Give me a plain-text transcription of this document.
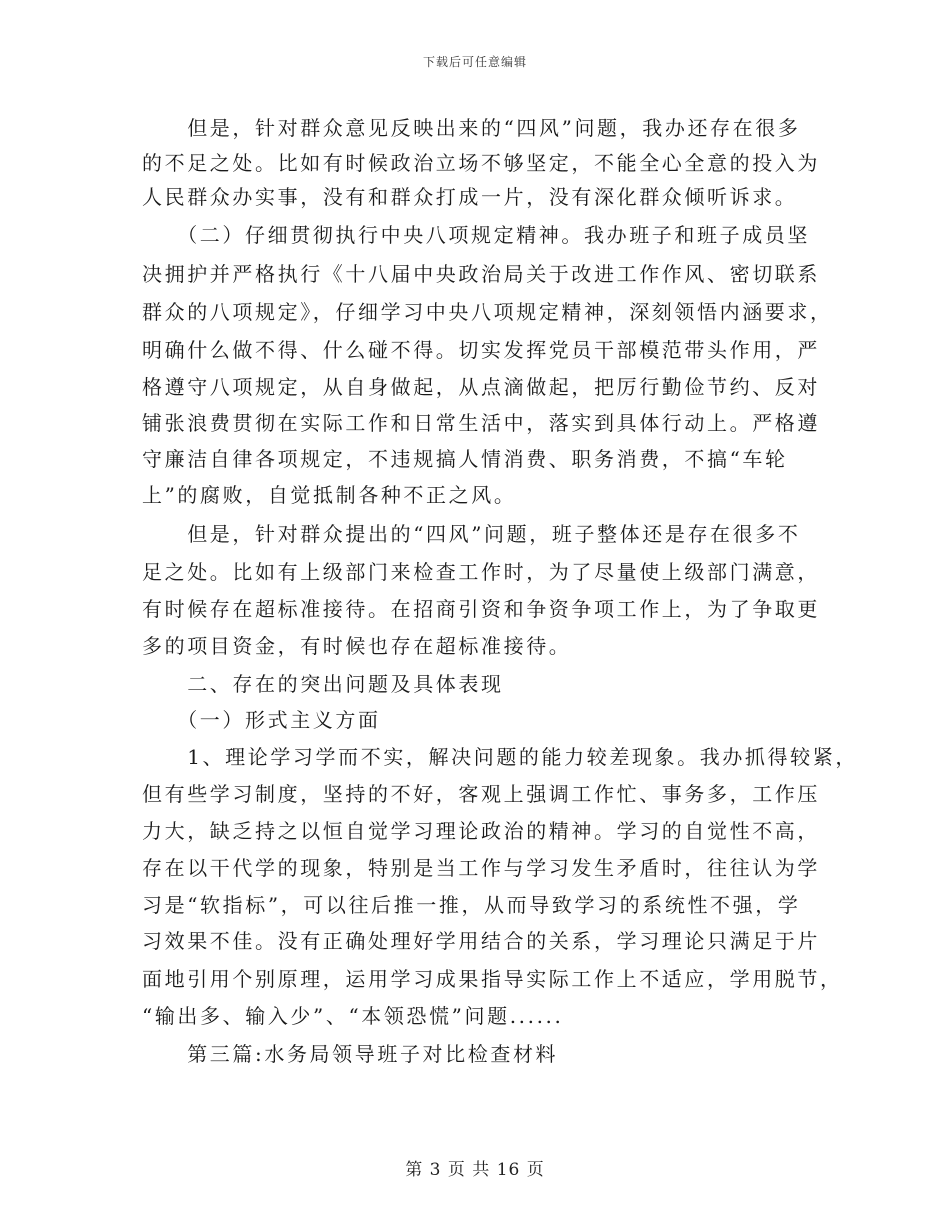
下载后可任意编辑
　　但是，针对群众意见反映出来的“四风”问题，我办还存在很多
的不足之处。比如有时候政治立场不够坚定，不能全心全意的投入为
人民群众办实事，没有和群众打成一片，没有深化群众倾听诉求。
　　（二）仔细贯彻执行中央八项规定精神。我办班子和班子成员坚
决拥护并严格执行《十八届中央政治局关于改进工作作风、密切联系
群众的八项规定》，仔细学习中央八项规定精神，深刻领悟内涵要求，
明确什么做不得、什么碰不得。切实发挥党员干部模范带头作用，严
格遵守八项规定，从自身做起，从点滴做起，把厉行勤俭节约、反对
铺张浪费贯彻在实际工作和日常生活中，落实到具体行动上。严格遵
守廉洁自律各项规定，不违规搞人情消费、职务消费，不搞“车轮
上”的腐败，自觉抵制各种不正之风。
　　但是，针对群众提出的“四风”问题，班子整体还是存在很多不
足之处。比如有上级部门来检查工作时，为了尽量使上级部门满意，
有时候存在超标准接待。在招商引资和争资争项工作上，为了争取更
多的项目资金，有时候也存在超标准接待。
　　二、存在的突出问题及具体表现
　　（一）形式主义方面
　　1、理论学习学而不实，解决问题的能力较差现象。我办抓得较紧，
但有些学习制度，坚持的不好，客观上强调工作忙、事务多，工作压
力大，缺乏持之以恒自觉学习理论政治的精神。学习的自觉性不高，
存在以干代学的现象，特别是当工作与学习发生矛盾时，往往认为学
习是“软指标”，可以往后推一推，从而导致学习的系统性不强，学
习效果不佳。没有正确处理好学用结合的关系，学习理论只满足于片
面地引用个别原理，运用学习成果指导实际工作上不适应，学用脱节，
“输出多、输入少”、“本领恐慌”问题......
　　第三篇:水务局领导班子对比检查材料
第 3 页 共 16 页
